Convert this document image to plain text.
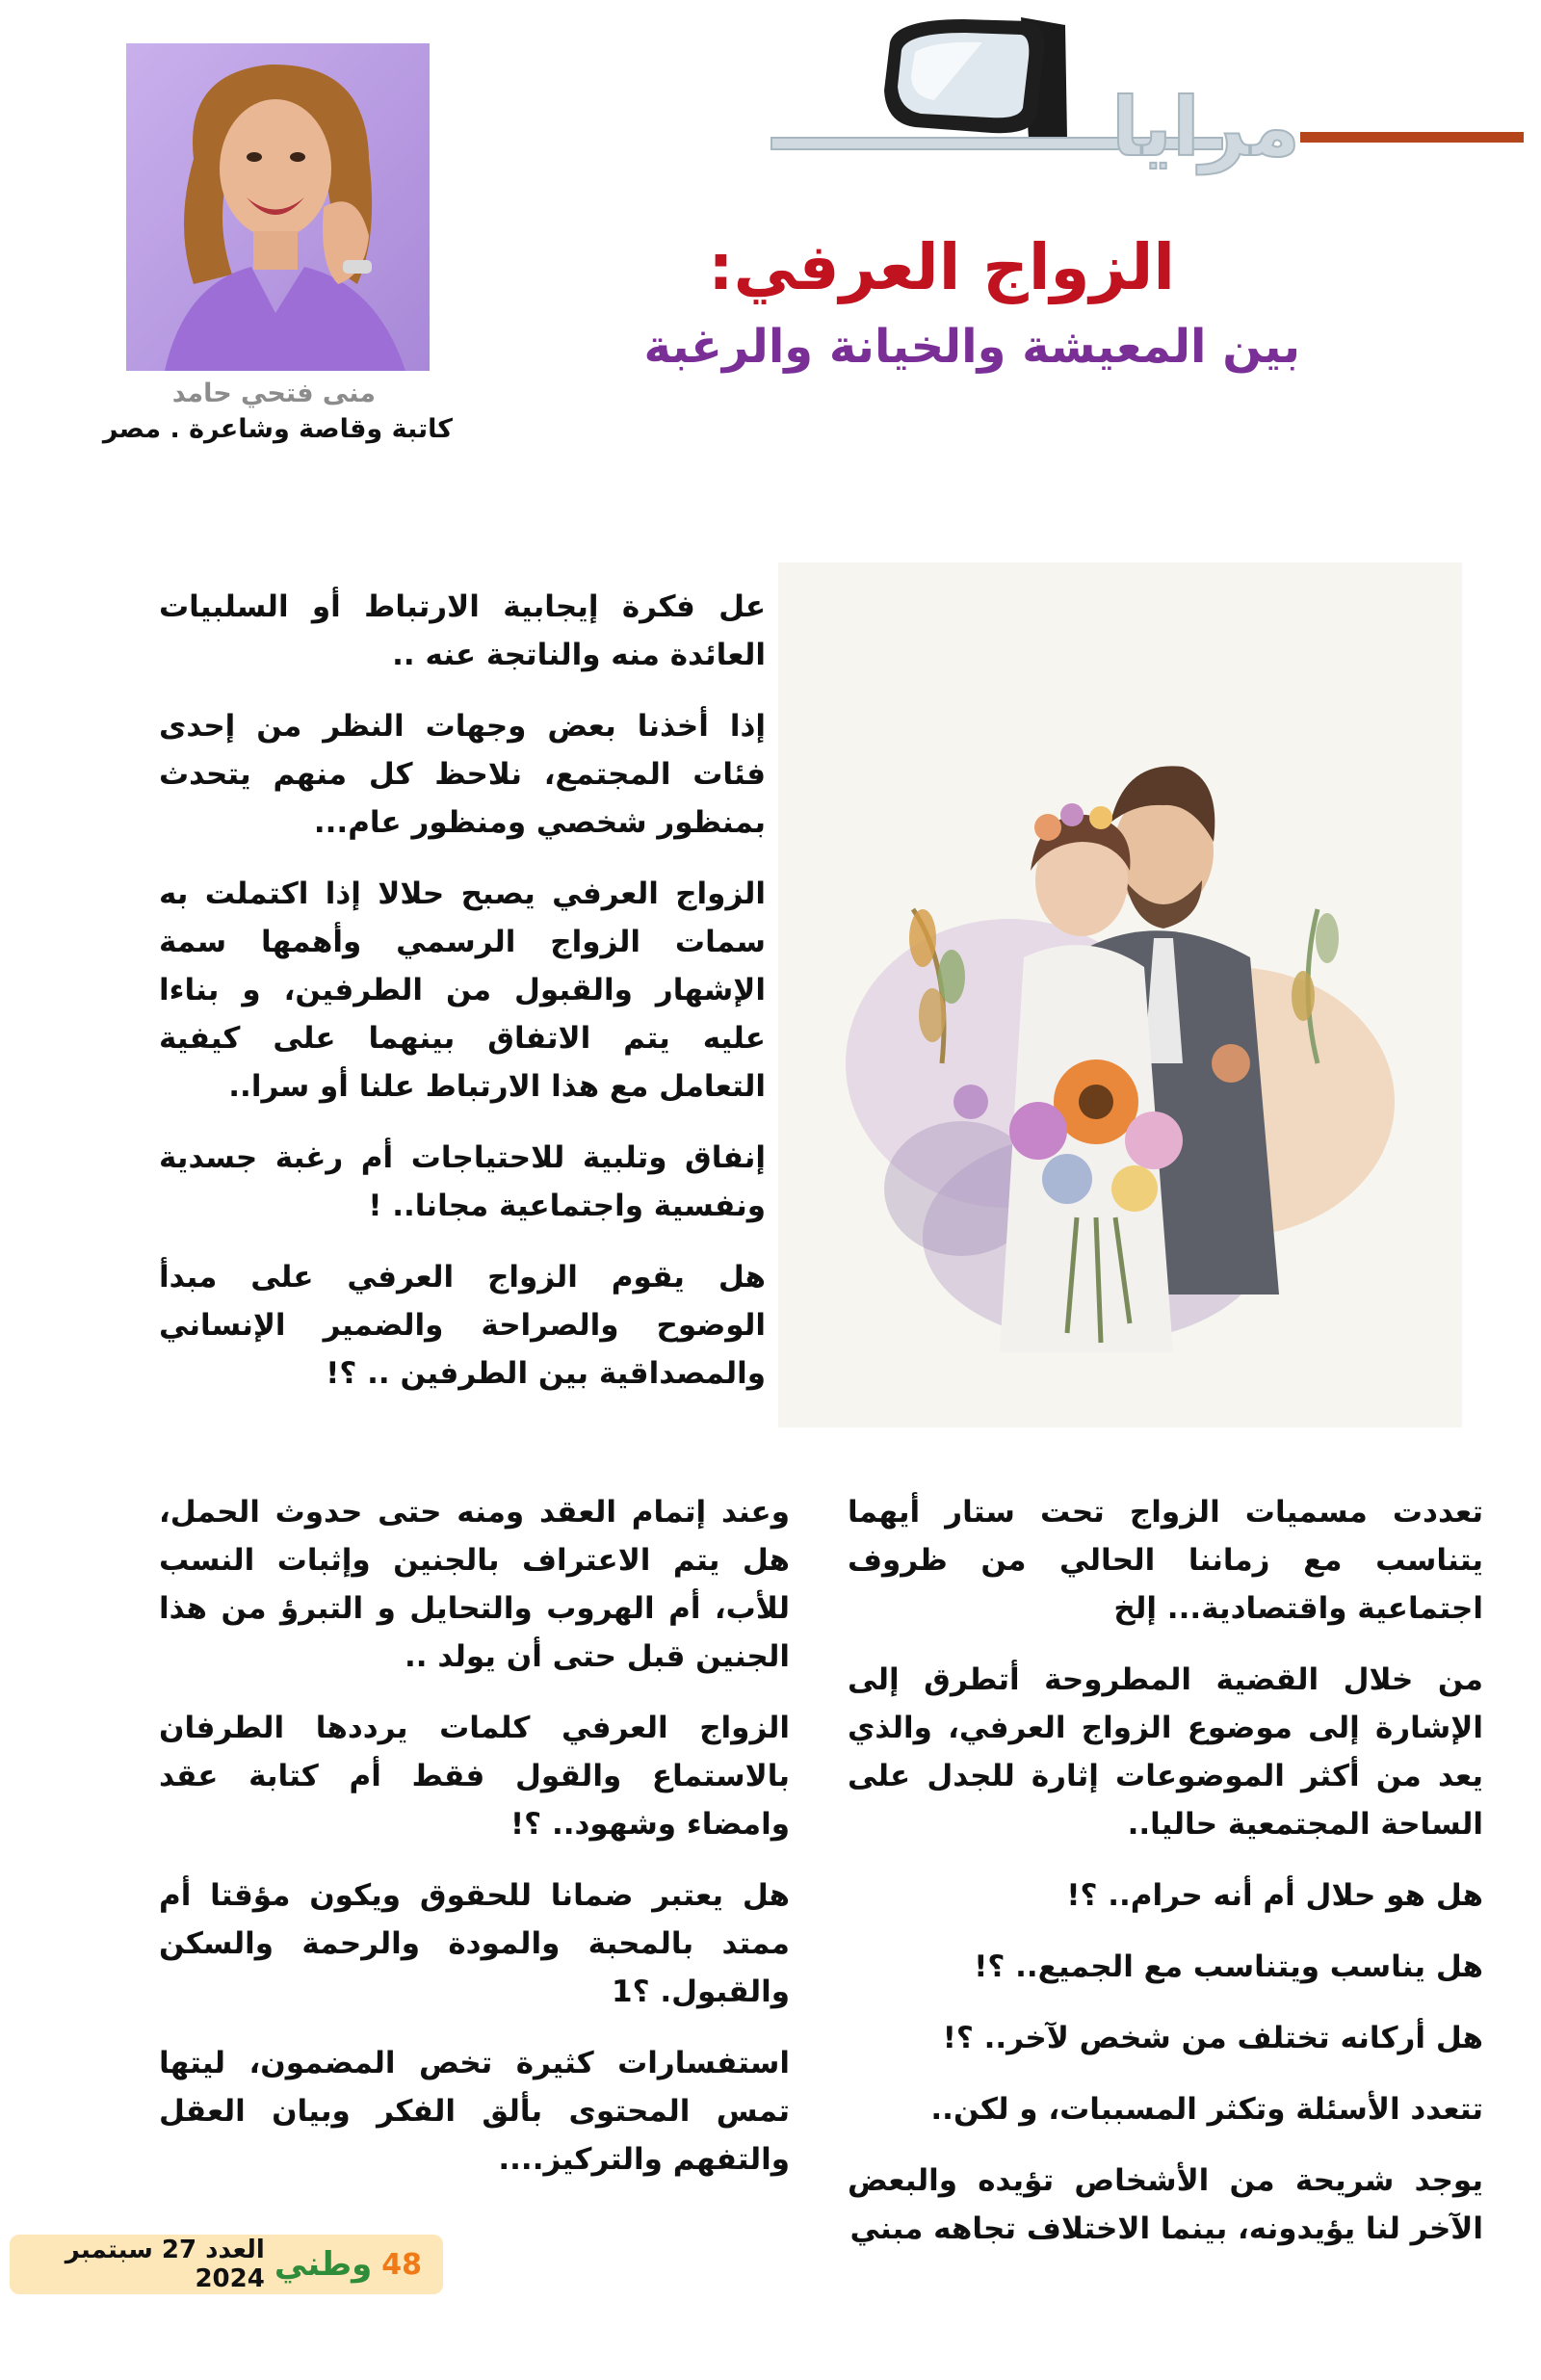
مرايا
الزواج العرفي:
بين المعيشة والخيانة والرغبة
منى فتحي حامد
كاتبة وقاصة وشاعرة . مصر

عل فكرة إيجابية الارتباط أو السلبيات العائدة منه والناتجة عنه ..

إذا أخذنا بعض وجهات النظر من إحدى فئات المجتمع، نلاحظ كل منهم يتحدث بمنظور شخصي ومنظور عام...

الزواج العرفي يصبح حلالا إذا اكتملت به سمات الزواج الرسمي وأهمها سمة الإشهار والقبول من الطرفين، و بناءا عليه يتم الاتفاق بينهما على كيفية التعامل مع هذا الارتباط علنا أو سرا..

إنفاق وتلبية للاحتياجات أم رغبة جسدية ونفسية واجتماعية مجانا.. !

هل يقوم الزواج العرفي على مبدأ الوضوح والصراحة والضمير الإنساني والمصداقية بين الطرفين .. ؟!

تعددت مسميات الزواج تحت ستار أيهما يتناسب مع زماننا الحالي من ظروف اجتماعية واقتصادية... إلخ

من خلال القضية المطروحة أتطرق إلى الإشارة إلى موضوع الزواج العرفي، والذي يعد من أكثر الموضوعات إثارة للجدل على الساحة المجتمعية حاليا..

هل هو حلال أم أنه حرام.. ؟!

هل يناسب ويتناسب مع الجميع.. ؟!

هل أركانه تختلف من شخص لآخر.. ؟!

تتعدد الأسئلة وتكثر المسببات، و لكن..

يوجد شريحة من الأشخاص تؤيده والبعض الآخر لنا يؤيدونه، بينما الاختلاف تجاهه مبني

وعند إتمام العقد ومنه حتى حدوث الحمل، هل يتم الاعتراف بالجنين وإثبات النسب للأب، أم الهروب والتحايل و التبرؤ من هذا الجنين قبل حتى أن يولد ..

الزواج العرفي كلمات يرددها الطرفان بالاستماع والقول فقط أم كتابة عقد وامضاء وشهود.. ؟!

هل يعتبر ضمانا للحقوق ويكون مؤقتا أم ممتد بالمحبة والمودة والرحمة والسكن والقبول. ؟1

استفسارات كثيرة تخص المضمون، ليتها تمس المحتوى بألق الفكر وبيان العقل والتفهم والتركيز....

48
وطني
العدد 27 سبتمبر 2024
